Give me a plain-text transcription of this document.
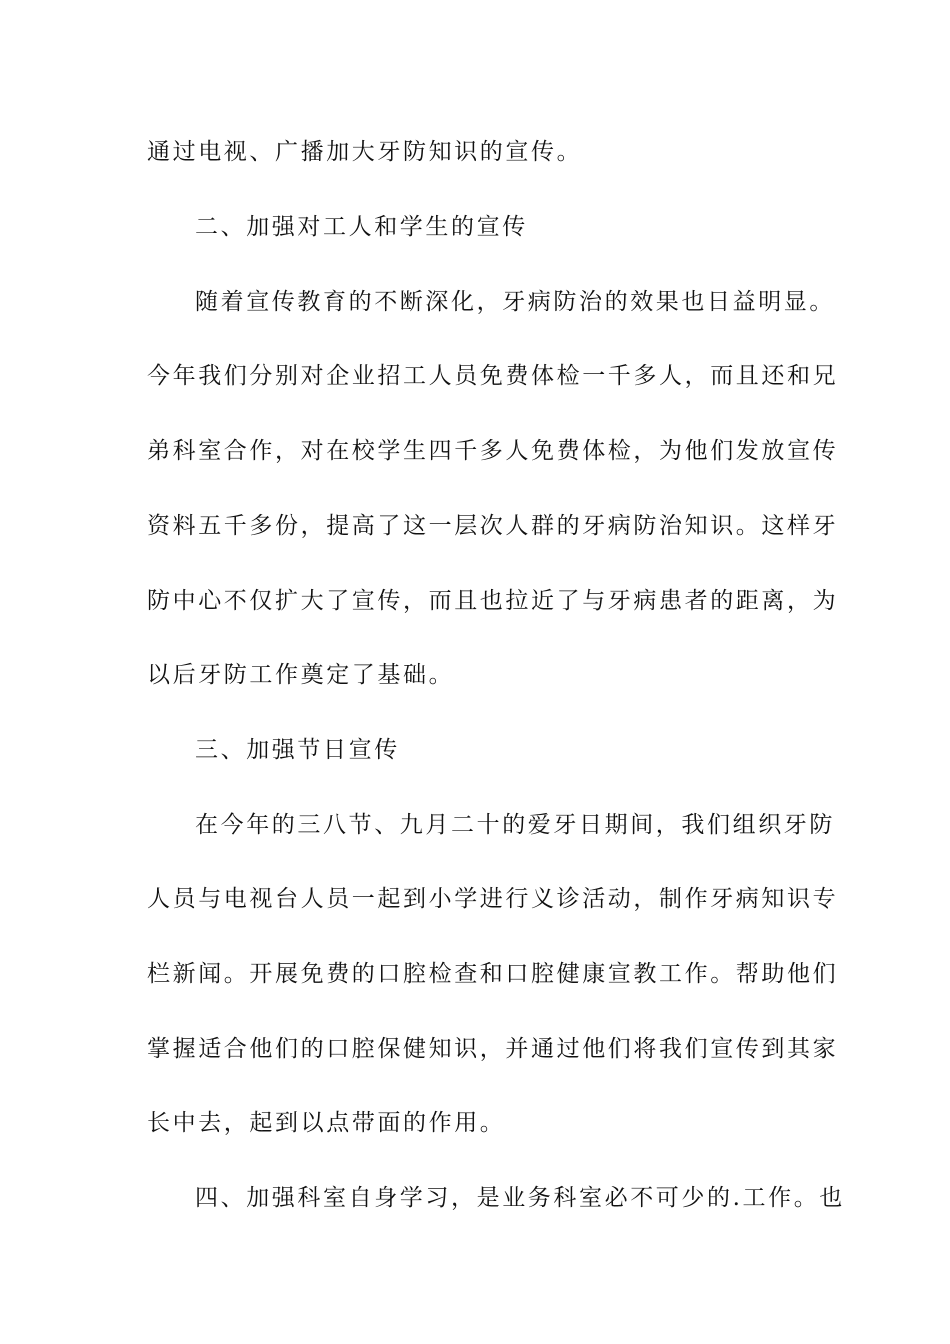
通过电视、广播加大牙防知识的宣传。
二、加强对工人和学生的宣传
随着宣传教育的不断深化，牙病防治的效果也日益明显。
今年我们分别对企业招工人员免费体检一千多人，而且还和兄
弟科室合作，对在校学生四千多人免费体检，为他们发放宣传
资料五千多份，提高了这一层次人群的牙病防治知识。这样牙
防中心不仅扩大了宣传，而且也拉近了与牙病患者的距离，为
以后牙防工作奠定了基础。
三、加强节日宣传
在今年的三八节、九月二十的爱牙日期间，我们组织牙防
人员与电视台人员一起到小学进行义诊活动，制作牙病知识专
栏新闻。开展免费的口腔检查和口腔健康宣教工作。帮助他们
掌握适合他们的口腔保健知识，并通过他们将我们宣传到其家
长中去，起到以点带面的作用。
四、加强科室自身学习，是业务科室必不可少的.工作。也
